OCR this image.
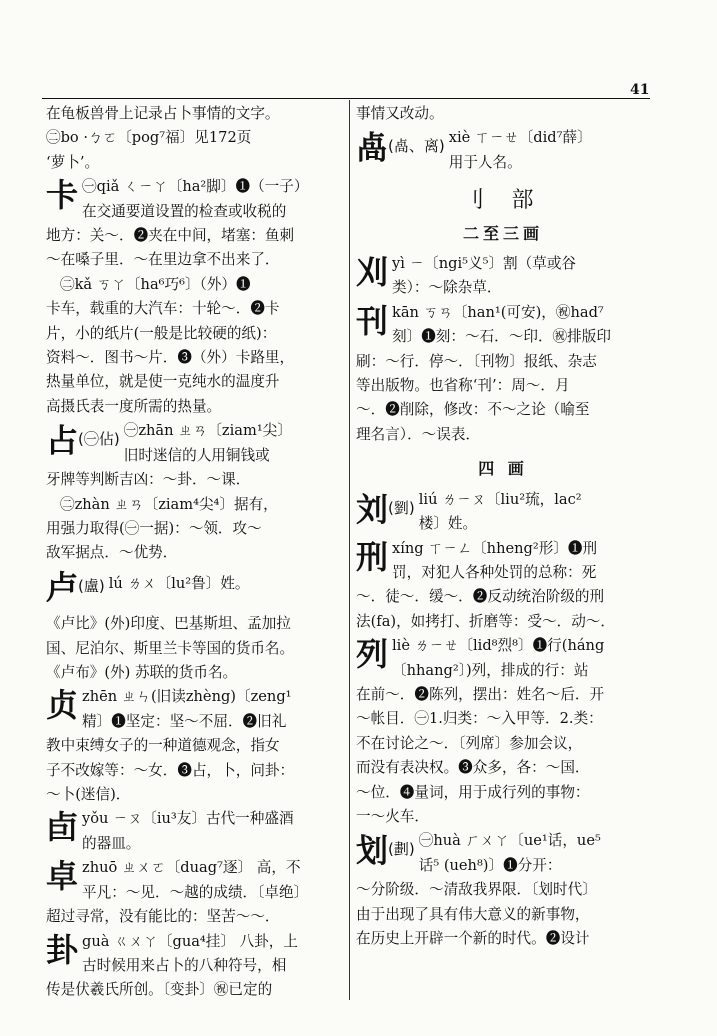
41
在龟板兽骨上记录占卜事情的文字。
㊁bo ·ㄅㄛ〔pog⁷福〕见172页
‘萝卜’。
卡 ㊀qiǎ ㄑㄧㄚ〔ha²脚〕❶（一子）
在交通要道设置的检查或收税的
地方：关～．❷夹在中间，堵塞：鱼刺
～在嗓子里．～在里边拿不出来了．
㊁kǎ ㄎㄚ〔ha⁶巧⁶〕（外）❶
卡车，载重的大汽车：十轮～．❷卡
片，小的纸片(一般是比较硬的纸)：
资料～．图书～片．❸（外）卡路里，
热量单位，就是使一克纯水的温度升
高摄氏表一度所需的热量。
占$^{(㊀佔)}$ ㊀zhān ㄓㄢ〔ziam¹尖〕
旧时迷信的人用铜钱或
牙牌等判断吉凶：～卦．～课．
㊁zhàn ㄓㄢ〔ziam⁴尖⁴〕据有，
用强力取得(㊀一据)：～领．攻～
敌军据点．～优势．
卢$^{(盧)}$ lú ㄌㄨ〔lu²鲁〕姓。
《卢比》(外)印度、巴基斯坦、孟加拉
国、尼泊尔、斯里兰卡等国的货币名。
《卢布》(外) 苏联的货币名。
贞 zhēn ㄓㄣ(旧读zhèng)〔zeng¹
精〕❶坚定：坚～不屈．❷旧礼
教中束缚女子的一种道德观念，指女
子不改嫁等：～女．❸占，卜，问卦：
～卜(迷信)．
卣 yǒu ㄧㄡ〔iu³友〕古代一种盛酒
的器皿。
卓 zhuō ㄓㄨㄛ〔duag⁷逐〕 高，不
平凡：～见．～越的成绩．〔卓绝〕
超过寻常，没有能比的：坚苦～～．
卦 guà ㄍㄨㄚ〔gua⁴挂〕 八卦，上
古时候用来占卜的八种符号，相
传是伏羲氏所创。〔变卦〕㊗已定的
事情又改动。
卨$^{(卨、离)}$ xiè ㄒㄧㄝ〔did⁷薛〕
用于人名。
刂 部
二至三画
刈 yì ㄧ〔ngi⁵义⁵〕割（草或谷
类）：～除杂草．
刊 kān ㄎㄢ〔han¹(可安)，㊗had⁷
刻〕❶刻：～石．～印．㊗排版印
刷：～行．停～．〔刊物〕报纸、杂志
等出版物。也省称‘刊’：周～．月
～．❷削除，修改：不～之论（喻至
理名言）．～误表．
四 画
刘$^{(劉)}$ liú ㄌㄧㄡ〔liu²琉，lac²
楼〕姓。
刑 xíng ㄒㄧㄥ〔hheng²形〕❶刑
罚，对犯人各种处罚的总称：死
～．徒～．缓～．❷反动统治阶级的刑
法(fa)，如拷打、折磨等：受～．动～．
列 liè ㄌㄧㄝ〔lid⁸烈⁸〕❶行(háng
〔hhang²〕)列，排成的行：站
在前～．❷陈列，摆出：姓名～后．开
～帐目．㊀1.归类：～入甲等．2.类：
不在讨论之～．〔列席〕参加会议，
而没有表决权。❸众多，各：～国．
～位．❹量词，用于成行列的事物：
一～火车．
划$^{(劃)}$ ㊀huà ㄏㄨㄚ〔ue¹话，ue⁵
话⁵ (ueh⁸)〕❶分开：
～分阶级．～清敌我界限．〔划时代〕
由于出现了具有伟大意义的新事物，
在历史上开辟一个新的时代。❷设计
